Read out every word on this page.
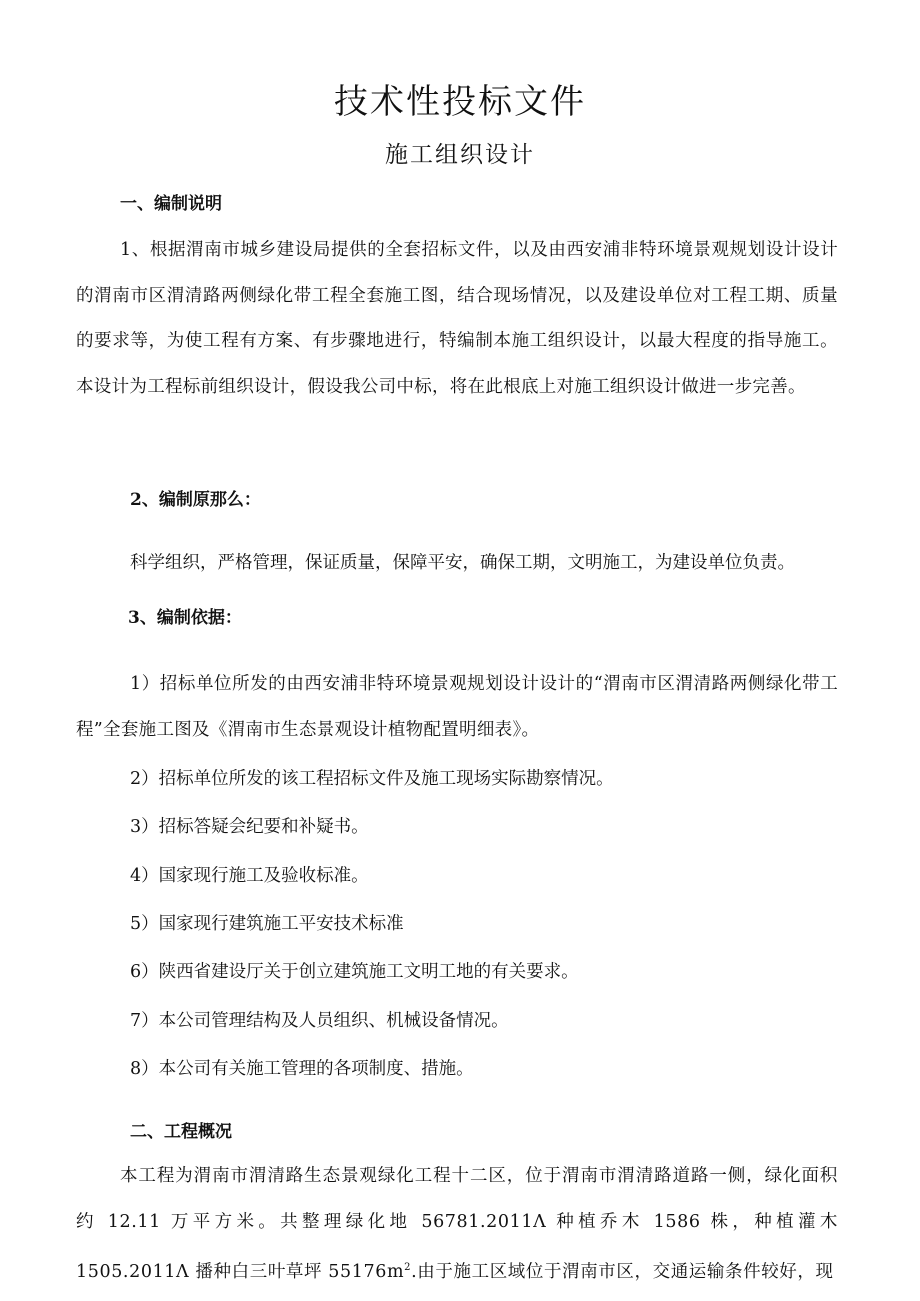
技术性投标文件
施工组织设计
一、编制说明

1、根据渭南市城乡建设局提供的全套招标文件，以及由西安浦非特环境景观规划设计设计的渭南市区渭清路两侧绿化带工程全套施工图，结合现场情况，以及建设单位对工程工期、质量的要求等，为使工程有方案、有步骤地进行，特编制本施工组织设计，以最大程度的指导施工。本设计为工程标前组织设计，假设我公司中标，将在此根底上对施工组织设计做进一步完善。

2、编制原那么：
科学组织，严格管理，保证质量，保障平安，确保工期，文明施工，为建设单位负责。
3、编制依据：

1）招标单位所发的由西安浦非特环境景观规划设计设计的“渭南市区渭清路两侧绿化带工程”全套施工图及《渭南市生态景观设计植物配置明细表》。

2）招标单位所发的该工程招标文件及施工现场实际勘察情况。
3）招标答疑会纪要和补疑书。
4）国家现行施工及验收标准。
5）国家现行建筑施工平安技术标准
6）陕西省建设厅关于创立建筑施工文明工地的有关要求。
7）本公司管理结构及人员组织、机械设备情况。
8）本公司有关施工管理的各项制度、措施。
二、工程概况

本工程为渭南市渭清路生态景观绿化工程十二区，位于渭南市渭清路道路一侧，绿化面积约 12.11 万平方米。共整理绿化地 56781.2011Λ 种植乔木 1586 株，种植灌木1505.2011Λ 播种白三叶草坪 $55176m^2$.由于施工区域位于渭南市区，交通运输条件较好，现
